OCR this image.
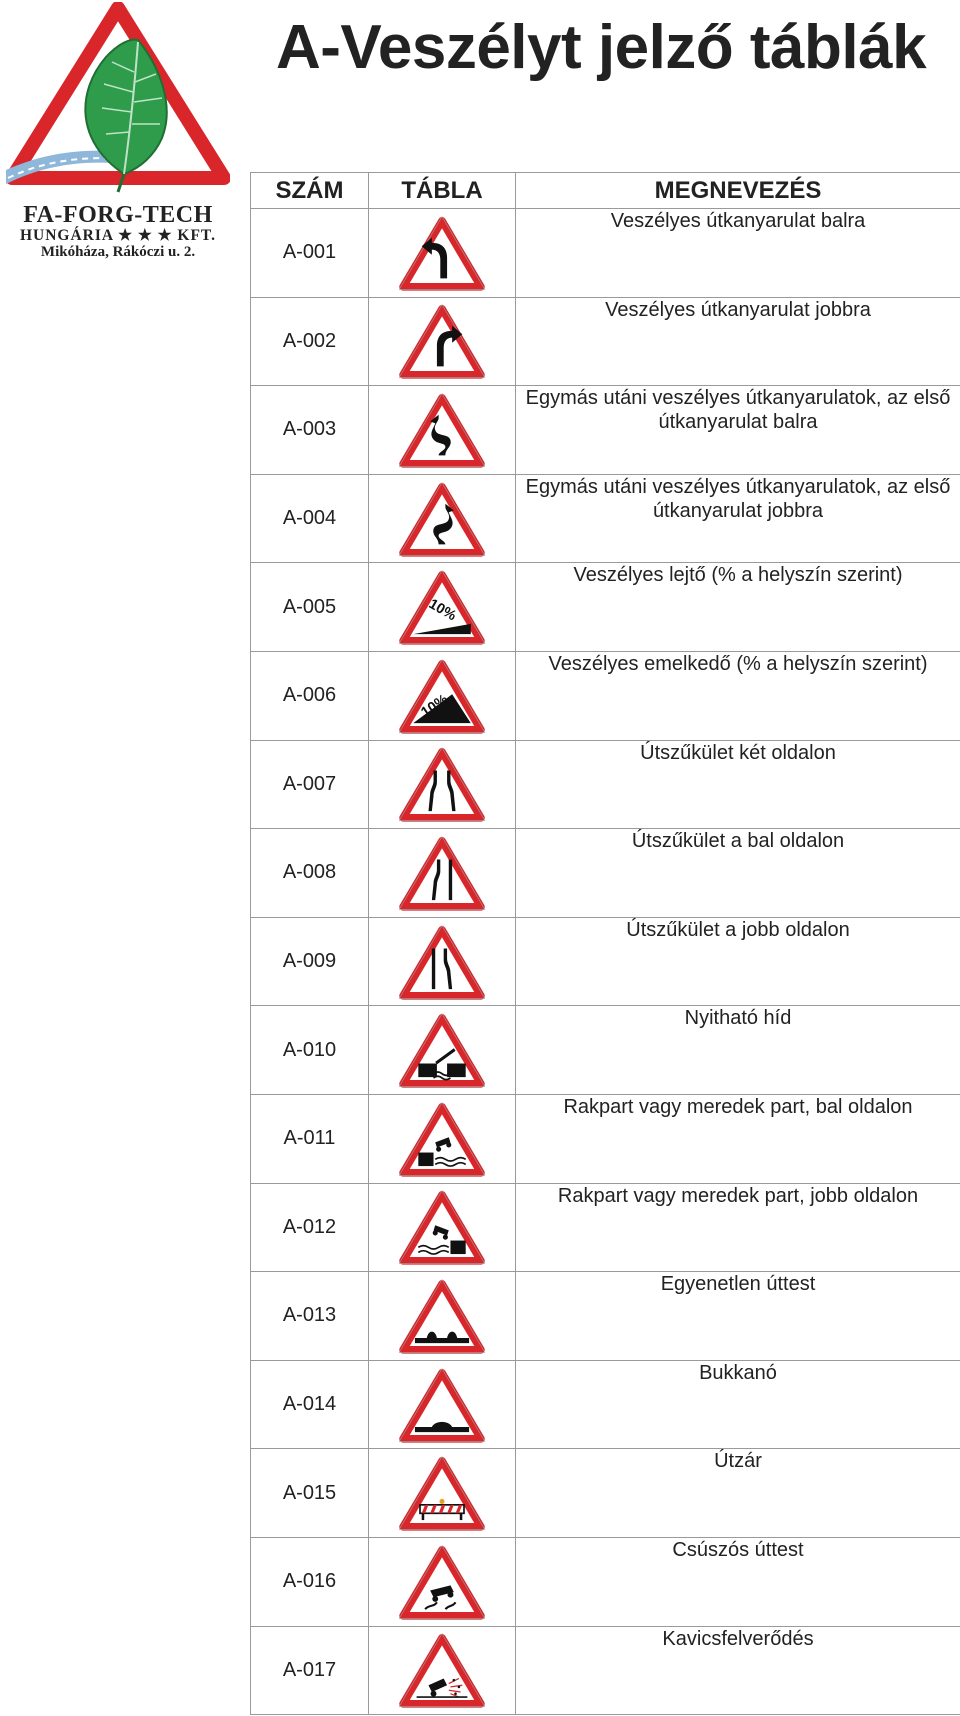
FA-FORG-TECH
HUNGÁRIA ★ ★ ★ KFT.
Mikóháza, Rákóczi u. 2.
A-Veszélyt jelző táblák
SZÁM	TÁBLA	MEGNEVEZÉS
A-001		Veszélyes útkanyarulat balra
A-002		Veszélyes útkanyarulat jobbra
A-003		Egymás utáni veszélyes útkanyarulatok, az első útkanyarulat balra
A-004		Egymás utáni veszélyes útkanyarulatok, az első útkanyarulat jobbra
A-005		Veszélyes lejtő (% a helyszín szerint)
A-006		Veszélyes emelkedő (% a helyszín szerint)
A-007		Útszűkület két oldalon
A-008		Útszűkület a bal oldalon
A-009		Útszűkület a jobb oldalon
A-010		Nyitható híd
A-011		Rakpart vagy meredek part, bal oldalon
A-012		Rakpart vagy meredek part, jobb oldalon
A-013		Egyenetlen úttest
A-014		Bukkanó
A-015		Útzár
A-016		Csúszós úttest
A-017		Kavicsfelverődés
